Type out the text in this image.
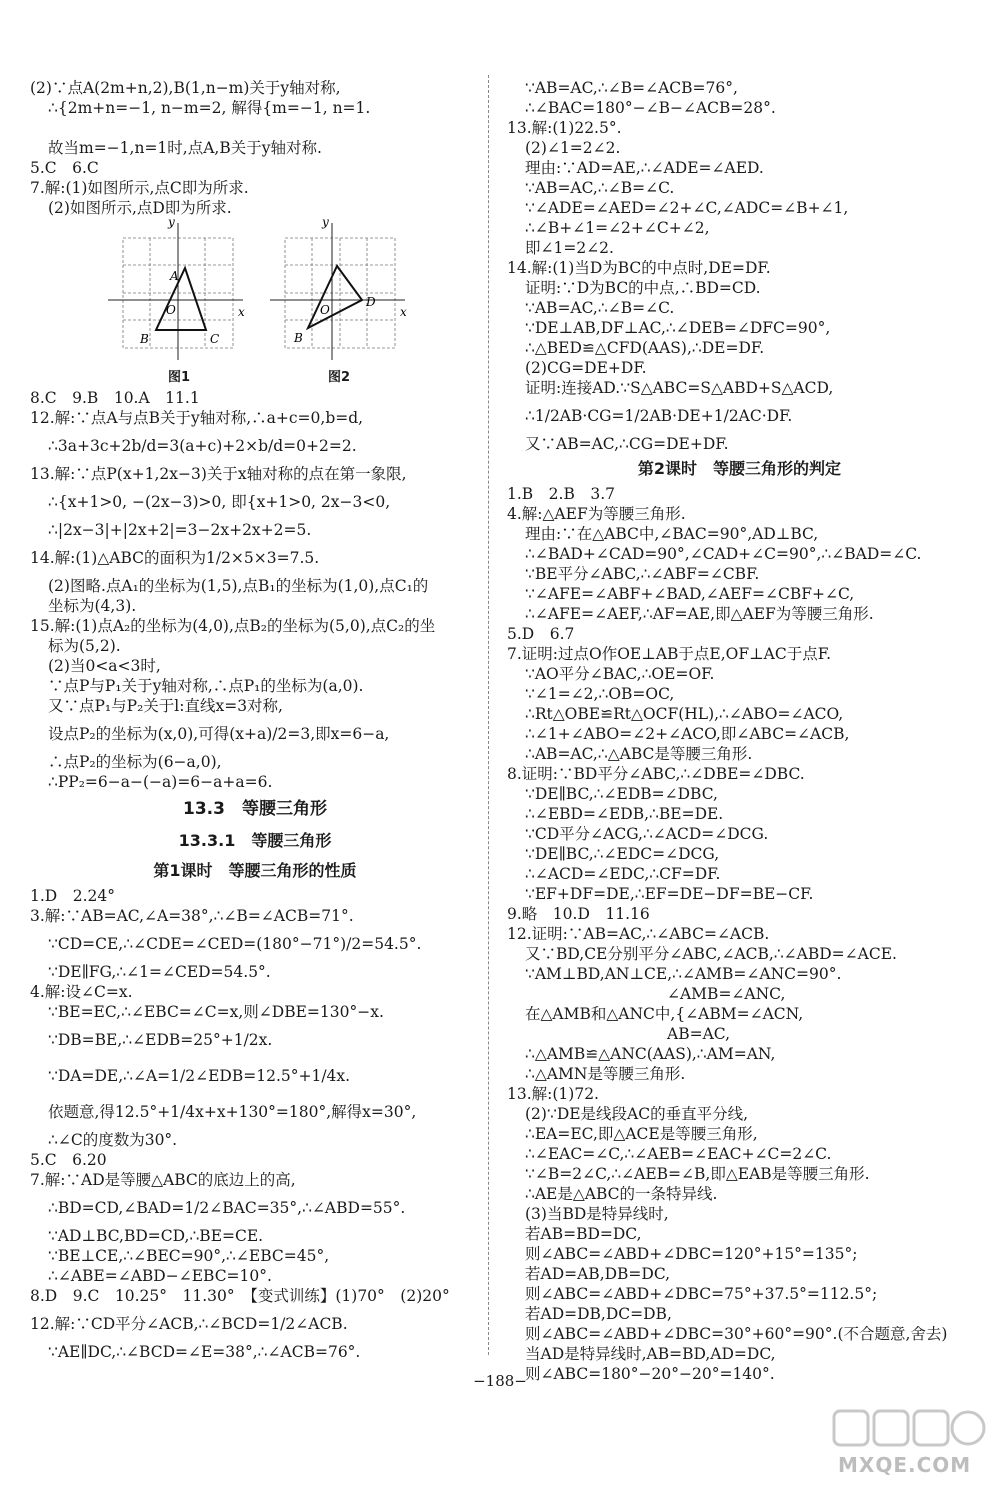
(2)∵点A(2m+n,2),B(1,n−m)关于y轴对称,
∴{2m+n=−1, n−m=2, 解得{m=−1, n=1.
故当m=−1,n=1时,点A,B关于y轴对称.
5.C　6.C
7.解:(1)如图所示,点C即为所求.
(2)如图所示,点D即为所求.
y
x
A
O
B	C
图1
y
x
O
D
B
图2
8.C　9.B　10.A　11.1
12.解:∵点A与点B关于y轴对称,∴a+c=0,b=d,
∴3a+3c+2b/d=3(a+c)+2×b/d=0+2=2.
13.解:∵点P(x+1,2x−3)关于x轴对称的点在第一象限,
∴{x+1>0, −(2x−3)>0, 即{x+1>0, 2x−3<0,
∴|2x−3|+|2x+2|=3−2x+2x+2=5.
14.解:(1)△ABC的面积为1/2×5×3=7.5.
(2)图略.点A₁的坐标为(1,5),点B₁的坐标为(1,0),点C₁的
坐标为(4,3).
15.解:(1)点A₂的坐标为(4,0),点B₂的坐标为(5,0),点C₂的坐
标为(5,2).
(2)当0<a<3时,
∵点P与P₁关于y轴对称,∴点P₁的坐标为(a,0).
又∵点P₁与P₂关于l:直线x=3对称,
设点P₂的坐标为(x,0),可得(x+a)/2=3,即x=6−a,
∴点P₂的坐标为(6−a,0),
∴PP₂=6−a−(−a)=6−a+a=6.
13.3　等腰三角形
13.3.1　等腰三角形
第1课时　等腰三角形的性质
1.D　2.24°
3.解:∵AB=AC,∠A=38°,∴∠B=∠ACB=71°.
∵CD=CE,∴∠CDE=∠CED=(180°−71°)/2=54.5°.
∵DE∥FG,∴∠1=∠CED=54.5°.
4.解:设∠C=x.
∵BE=EC,∴∠EBC=∠C=x,则∠DBE=130°−x.
∵DB=BE,∴∠EDB=25°+1/2x.
∵DA=DE,∴∠A=1/2∠EDB=12.5°+1/4x.
依题意,得12.5°+1/4x+x+130°=180°,解得x=30°,
∴∠C的度数为30°.
5.C　6.20
7.解:∵AD是等腰△ABC的底边上的高,
∴BD=CD,∠BAD=1/2∠BAC=35°,∴∠ABD=55°.
∵AD⊥BC,BD=CD,∴BE=CE.
∵BE⊥CE,∴∠BEC=90°,∴∠EBC=45°,
∴∠ABE=∠ABD−∠EBC=10°.
8.D　9.C　10.25°　11.30°　【变式训练】(1)70°　(2)20°
12.解:∵CD平分∠ACB,∴∠BCD=1/2∠ACB.
∵AE∥DC,∴∠BCD=∠E=38°,∴∠ACB=76°.
∵AB=AC,∴∠B=∠ACB=76°,
∴∠BAC=180°−∠B−∠ACB=28°.
13.解:(1)22.5°.
(2)∠1=2∠2.
理由:∵AD=AE,∴∠ADE=∠AED.
∵AB=AC,∴∠B=∠C.
∵∠ADE=∠AED=∠2+∠C,∠ADC=∠B+∠1,
∴∠B+∠1=∠2+∠C+∠2,
即∠1=2∠2.
14.解:(1)当D为BC的中点时,DE=DF.
证明:∵D为BC的中点,∴BD=CD.
∵AB=AC,∴∠B=∠C.
∵DE⊥AB,DF⊥AC,∴∠DEB=∠DFC=90°,
∴△BED≌△CFD(AAS),∴DE=DF.
(2)CG=DE+DF.
证明:连接AD.∵S△ABC=S△ABD+S△ACD,
∴1/2AB·CG=1/2AB·DE+1/2AC·DF.
又∵AB=AC,∴CG=DE+DF.
第2课时　等腰三角形的判定
1.B　2.B　3.7
4.解:△AEF为等腰三角形.
理由:∵在△ABC中,∠BAC=90°,AD⊥BC,
∴∠BAD+∠CAD=90°,∠CAD+∠C=90°,∴∠BAD=∠C.
∵BE平分∠ABC,∴∠ABF=∠CBF.
∵∠AFE=∠ABF+∠BAD,∠AEF=∠CBF+∠C,
∴∠AFE=∠AEF,∴AF=AE,即△AEF为等腰三角形.
5.D　6.7
7.证明:过点O作OE⊥AB于点E,OF⊥AC于点F.
∵AO平分∠BAC,∴OE=OF.
∵∠1=∠2,∴OB=OC,
∴Rt△OBE≌Rt△OCF(HL),∴∠ABO=∠ACO,
∴∠1+∠ABO=∠2+∠ACO,即∠ABC=∠ACB,
∴AB=AC,∴△ABC是等腰三角形.
8.证明:∵BD平分∠ABC,∴∠DBE=∠DBC.
∵DE∥BC,∴∠EDB=∠DBC,
∴∠EBD=∠EDB,∴BE=DE.
∵CD平分∠ACG,∴∠ACD=∠DCG.
∵DE∥BC,∴∠EDC=∠DCG,
∴∠ACD=∠EDC,∴CF=DF.
∵EF+DF=DE,∴EF=DE−DF=BE−CF.
9.略　10.D　11.16
12.证明:∵AB=AC,∴∠ABC=∠ACB.
又∵BD,CE分别平分∠ABC,∠ACB,∴∠ABD=∠ACE.
∵AM⊥BD,AN⊥CE,∴∠AMB=∠ANC=90°.
∠AMB=∠ANC,
在△AMB和△ANC中,{∠ABM=∠ACN,
AB=AC,
∴△AMB≌△ANC(AAS),∴AM=AN,
∴△AMN是等腰三角形.
13.解:(1)72.
(2)∵DE是线段AC的垂直平分线,
∴EA=EC,即△ACE是等腰三角形,
∴∠EAC=∠C,∴∠AEB=∠EAC+∠C=2∠C.
∵∠B=2∠C,∴∠AEB=∠B,即△EAB是等腰三角形.
∴AE是△ABC的一条特异线.
(3)当BD是特异线时,
若AB=BD=DC,
则∠ABC=∠ABD+∠DBC=120°+15°=135°;
若AD=AB,DB=DC,
则∠ABC=∠ABD+∠DBC=75°+37.5°=112.5°;
若AD=DB,DC=DB,
则∠ABC=∠ABD+∠DBC=30°+60°=90°.(不合题意,舍去)
当AD是特异线时,AB=BD,AD=DC,
则∠ABC=180°−20°−20°=140°.
−188−
MXQE.COM
